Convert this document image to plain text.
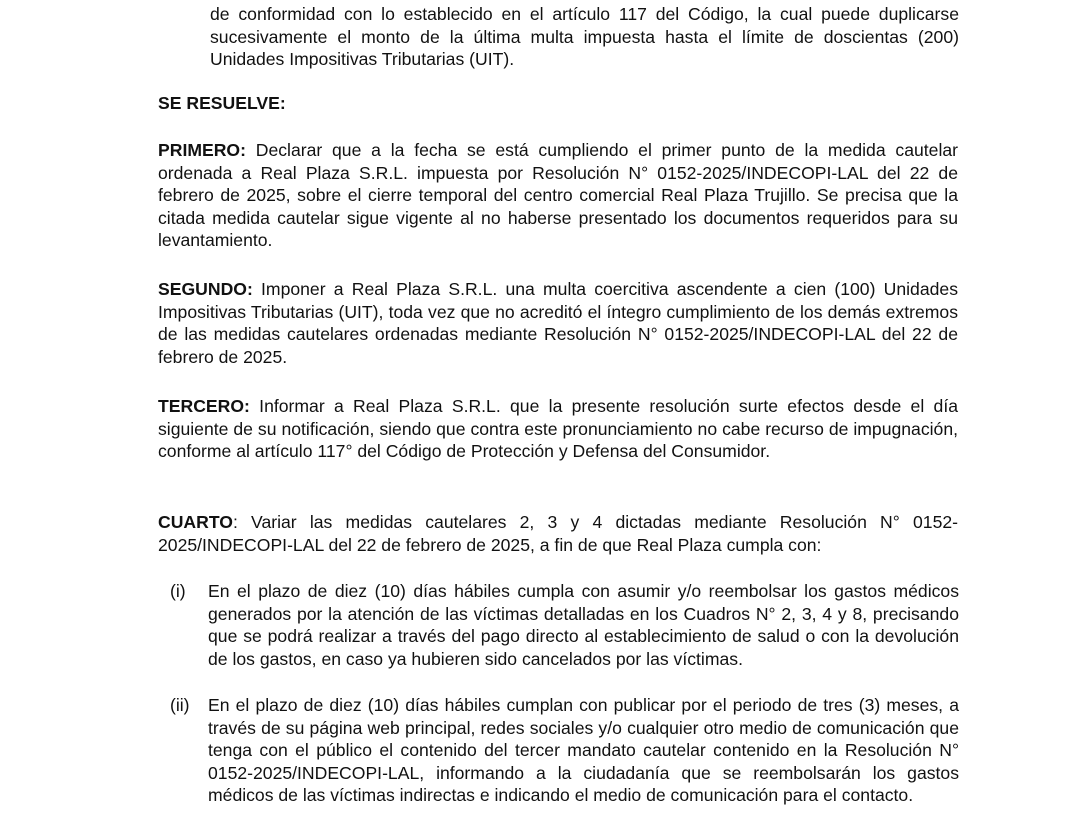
de conformidad con lo establecido en el artículo 117 del Código, la cual puede duplicarse sucesivamente el monto de la última multa impuesta hasta el límite de doscientas (200) Unidades Impositivas Tributarias (UIT).

SE RESUELVE:

PRIMERO: Declarar que a la fecha se está cumpliendo el primer punto de la medida cautelar ordenada a Real Plaza S.R.L. impuesta por Resolución N° 0152-2025/INDECOPI-LAL del 22 de febrero de 2025, sobre el cierre temporal del centro comercial Real Plaza Trujillo. Se precisa que la citada medida cautelar sigue vigente al no haberse presentado los documentos requeridos para su levantamiento.

SEGUNDO: Imponer a Real Plaza S.R.L. una multa coercitiva ascendente a cien (100) Unidades Impositivas Tributarias (UIT), toda vez que no acreditó el íntegro cumplimiento de los demás extremos de las medidas cautelares ordenadas mediante Resolución N° 0152-2025/INDECOPI-LAL del 22 de febrero de 2025.

TERCERO: Informar a Real Plaza S.R.L. que la presente resolución surte efectos desde el día siguiente de su notificación, siendo que contra este pronunciamiento no cabe recurso de impugnación, conforme al artículo 117° del Código de Protección y Defensa del Consumidor.

CUARTO: Variar las medidas cautelares 2, 3 y 4 dictadas mediante Resolución N° 0152-2025/INDECOPI-LAL del 22 de febrero de 2025, a fin de que Real Plaza cumpla con:

(i) En el plazo de diez (10) días hábiles cumpla con asumir y/o reembolsar los gastos médicos generados por la atención de las víctimas detalladas en los Cuadros N° 2, 3, 4 y 8, precisando que se podrá realizar a través del pago directo al establecimiento de salud o con la devolución de los gastos, en caso ya hubieren sido cancelados por las víctimas.
(ii) En el plazo de diez (10) días hábiles cumplan con publicar por el periodo de tres (3) meses, a través de su página web principal, redes sociales y/o cualquier otro medio de comunicación que tenga con el público el contenido del tercer mandato cautelar contenido en la Resolución N° 0152-2025/INDECOPI-LAL, informando a la ciudadanía que se reembolsarán los gastos médicos de las víctimas indirectas e indicando el medio de comunicación para el contacto.
